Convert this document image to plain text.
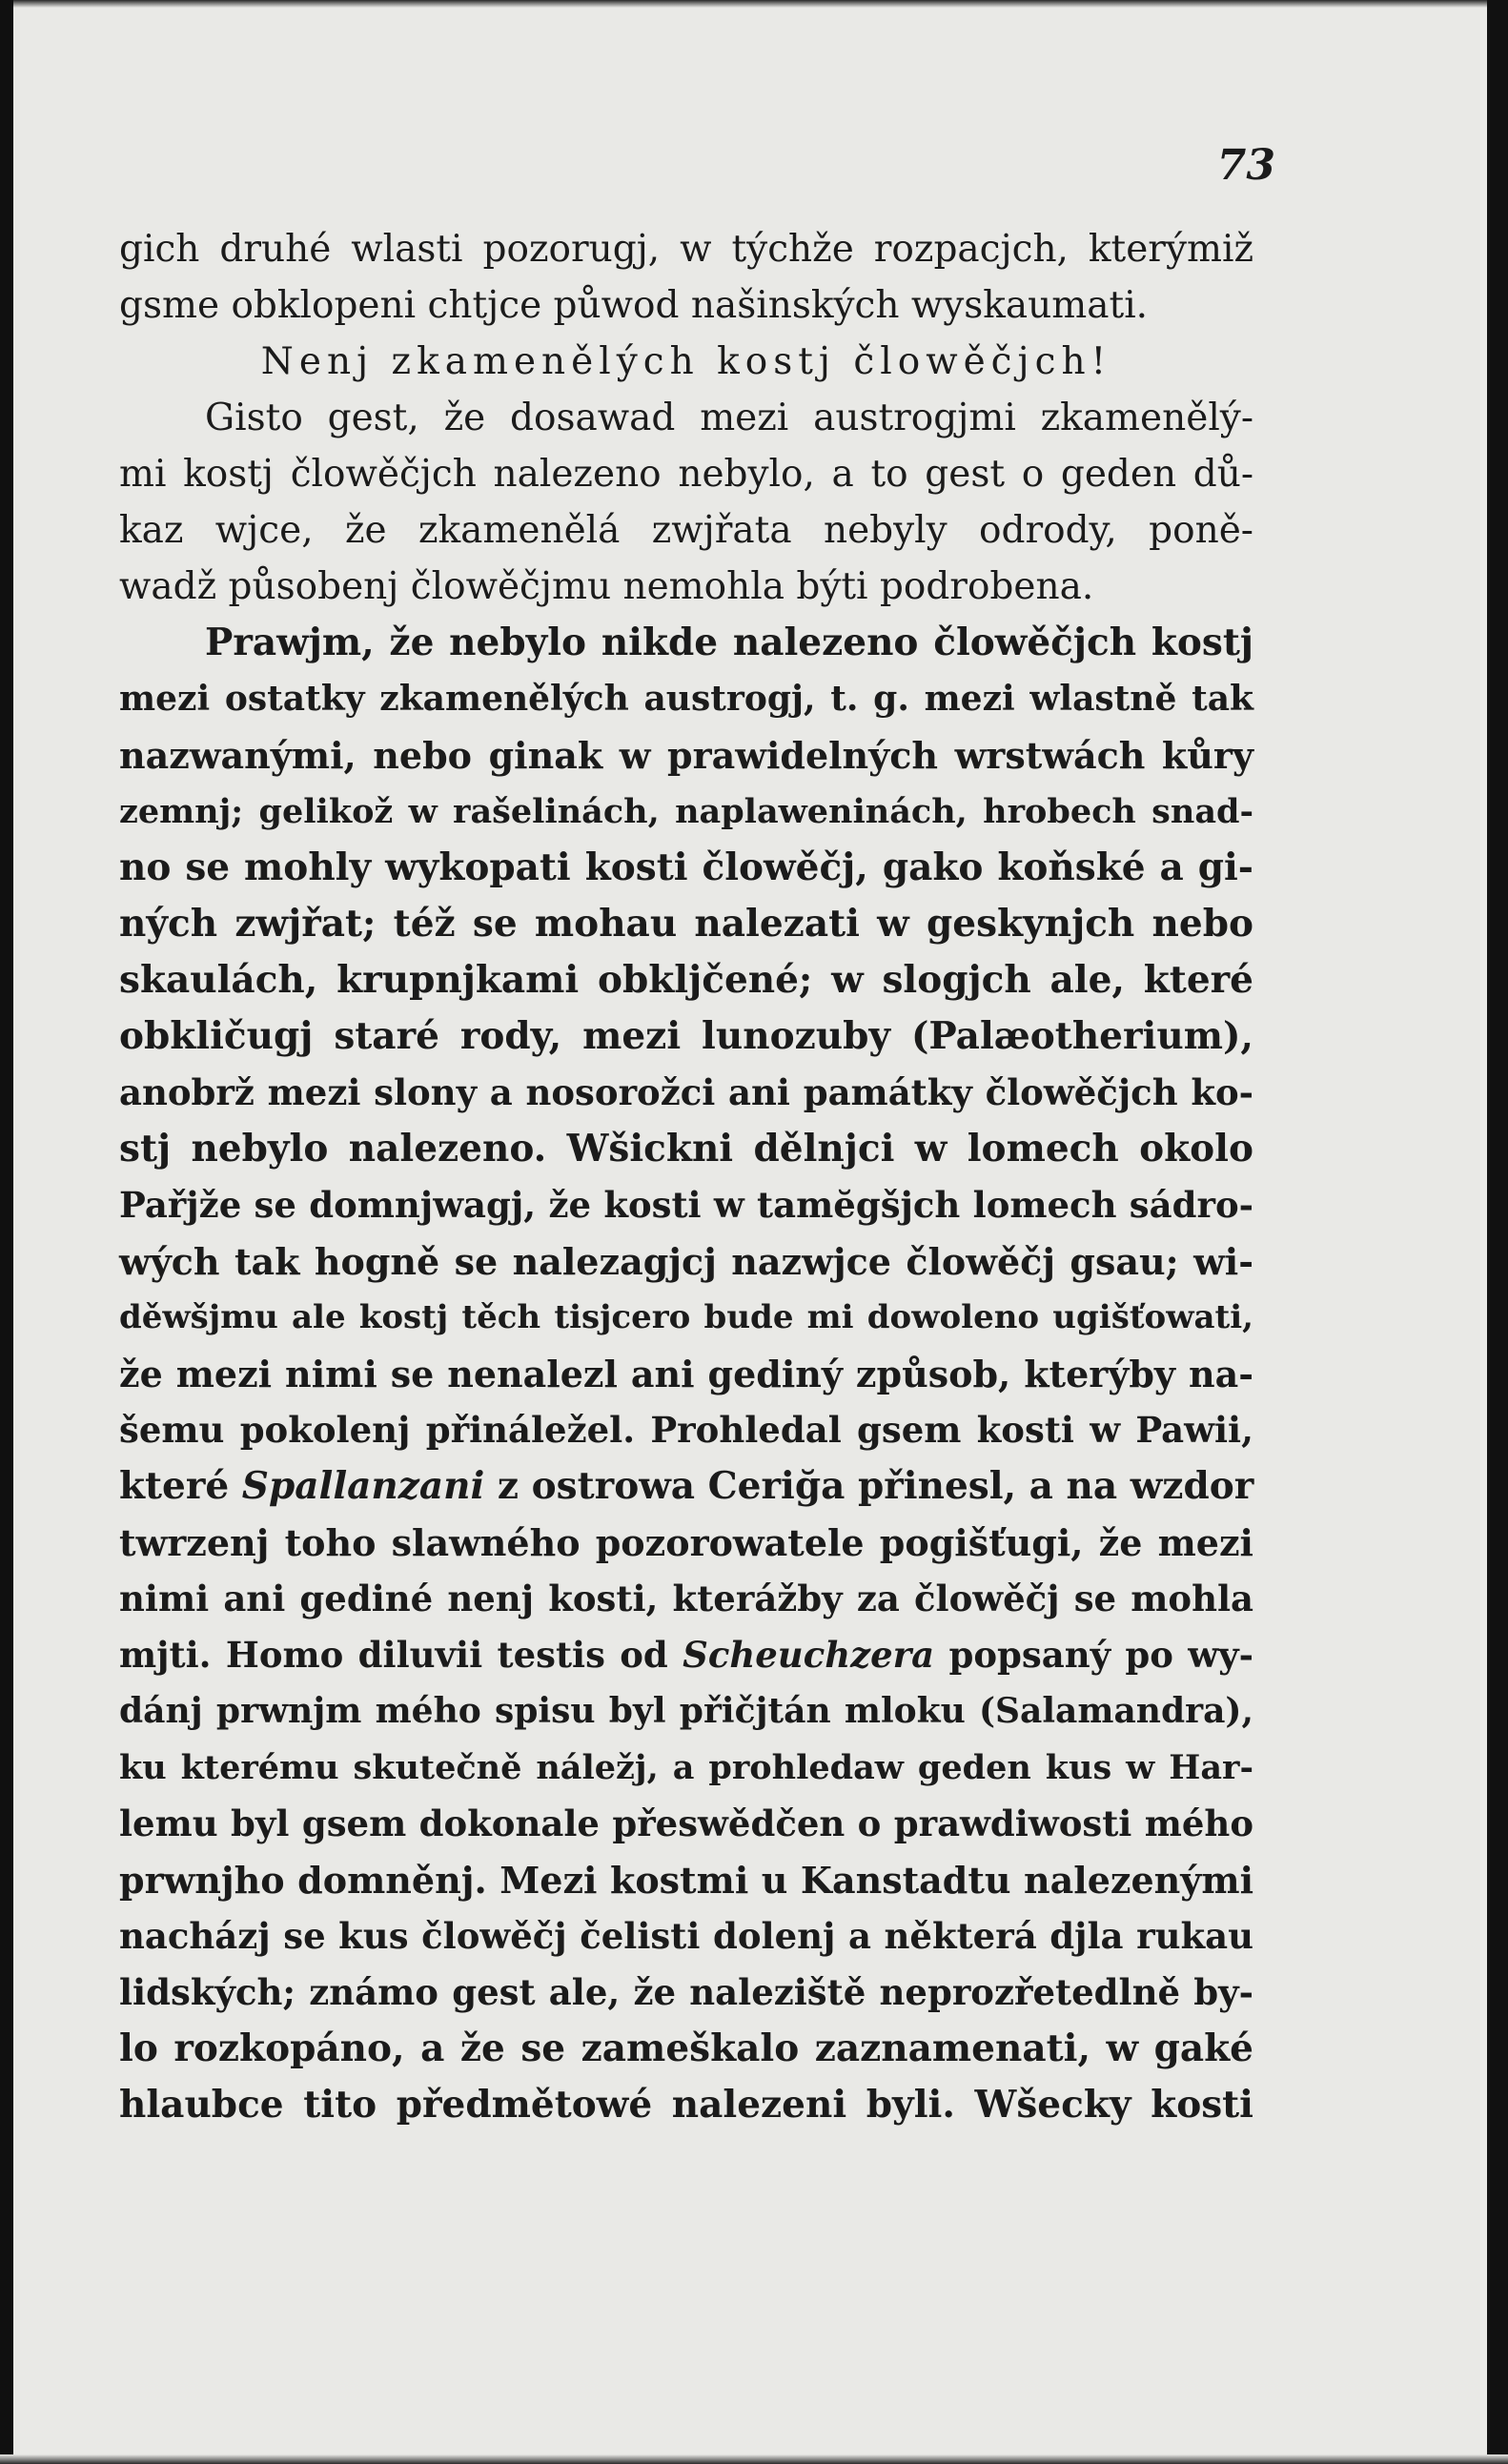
73
gich druhé wlasti pozorugj, w týchže rozpacjch, kterýmiž
gsme obklopeni chtjce půwod našinských wyskaumati.
Nenj zkamenělých kostj člowěčjch!
Gisto gest, že dosawad mezi austrogjmi zkamenělý-
mi kostj člowěčjch nalezeno nebylo, a to gest o geden dů-
kaz wjce, že zkamenělá zwjřata nebyly odrody, poně-
wadž působenj člowěčjmu nemohla býti podrobena.
Prawjm, že nebylo nikde nalezeno člowěčjch kostj
mezi ostatky zkamenělých austrogj, t. g. mezi wlastně tak
nazwanými, nebo ginak w prawidelných wrstwách kůry
zemnj; gelikož w rašelinách, naplaweninách, hrobech snad-
no se mohly wykopati kosti člowěčj, gako koňské a gi-
ných zwjřat; též se mohau nalezati w geskynjch nebo
skaulách, krupnjkami obkljčené; w slogjch ale, které
obkličugj staré rody, mezi lunozuby (Palæotherium),
anobrž mezi slony a nosorožci ani památky člowěčjch ko-
stj nebylo nalezeno. Wšickni dělnjci w lomech okolo
Pařjže se domnjwagj, že kosti w tamĕgšjch lomech sádro-
wých tak hogně se nalezagjcj nazwjce člowěčj gsau; wi-
děwšjmu ale kostj těch tisjcero bude mi dowoleno ugišťowati,
že mezi nimi se nenalezl ani gediný způsob, kterýby na-
šemu pokolenj přináležel. Prohledal gsem kosti w Pawii,
které Spallanzani z ostrowa Ceriğa přinesl, a na wzdor
twrzenj toho slawného pozorowatele pogišťugi, že mezi
nimi ani gediné nenj kosti, kterážby za člowěčj se mohla
mjti. Homo diluvii testis od Scheuchzera popsaný po wy-
dánj prwnjm mého spisu byl přičjtán mloku (Salamandra),
ku kterému skutečně náležj, a prohledaw geden kus w Har-
lemu byl gsem dokonale přeswědčen o prawdiwosti mého
prwnjho domněnj. Mezi kostmi u Kanstadtu nalezenými
nacházj se kus člowěčj čelisti dolenj a některá djla rukau
lidských; známo gest ale, že naleziště neprozřetedlně by-
lo rozkopáno, a že se zameškalo zaznamenati, w gaké
hlaubce tito předmětowé nalezeni byli. Wšecky kosti
